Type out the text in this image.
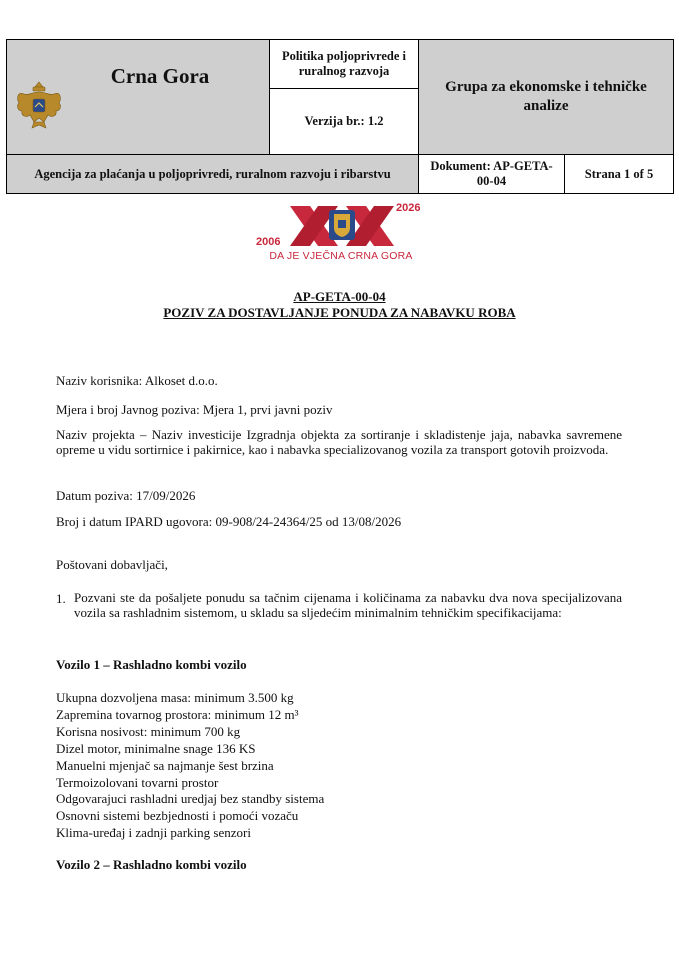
Crna Gora
Politika poljoprivrede i ruralnog razvoja
Verzija br.: 1.2
Grupa za ekonomske i tehničke analize
Agencija za plaćanja u poljoprivredi, ruralnom razvoju i ribarstvu
Dokument: AP-GETA-00-04
Strana 1 of 5
2006
2026
DA JE VJEČNA CRNA GORA
AP-GETA-00-04
POZIV ZA DOSTAVLJANJE PONUDA ZA NABAVKU ROBA
Naziv korisnika: Alkoset d.o.o.
Mjera i broj Javnog poziva: Mjera 1, prvi javni poziv
Naziv projekta – Naziv investicije Izgradnja objekta za sortiranje i skladistenje jaja, nabavka savremene opreme u vidu sortirnice i pakirnice, kao i nabavka specializovanog vozila za transport gotovih proizvoda.
Datum poziva: 17/09/2026
Broj i datum IPARD ugovora: 09-908/24-24364/25 od 13/08/2026
Poštovani dobavljači,
1. Pozvani ste da pošaljete ponudu sa tačnim cijenama i količinama za nabavku dva nova specijalizovana vozila sa rashladnim sistemom, u skladu sa sljedećim minimalnim tehničkim specifikacijama:
Vozilo 1 – Rashladno kombi vozilo
Ukupna dozvoljena masa: minimum 3.500 kg
Zapremina tovarnog prostora: minimum 12 m³
Korisna nosivost: minimum 700 kg
Dizel motor, minimalne snage 136 KS
Manuelni mjenjač sa najmanje šest brzina
Termoizolovani tovarni prostor
Odgovarajuci rashladni uredjaj bez standby sistema
Osnovni sistemi bezbjednosti i pomoći vozaču
Klima-uređaj i zadnji parking senzori
Vozilo 2 – Rashladno kombi vozilo
